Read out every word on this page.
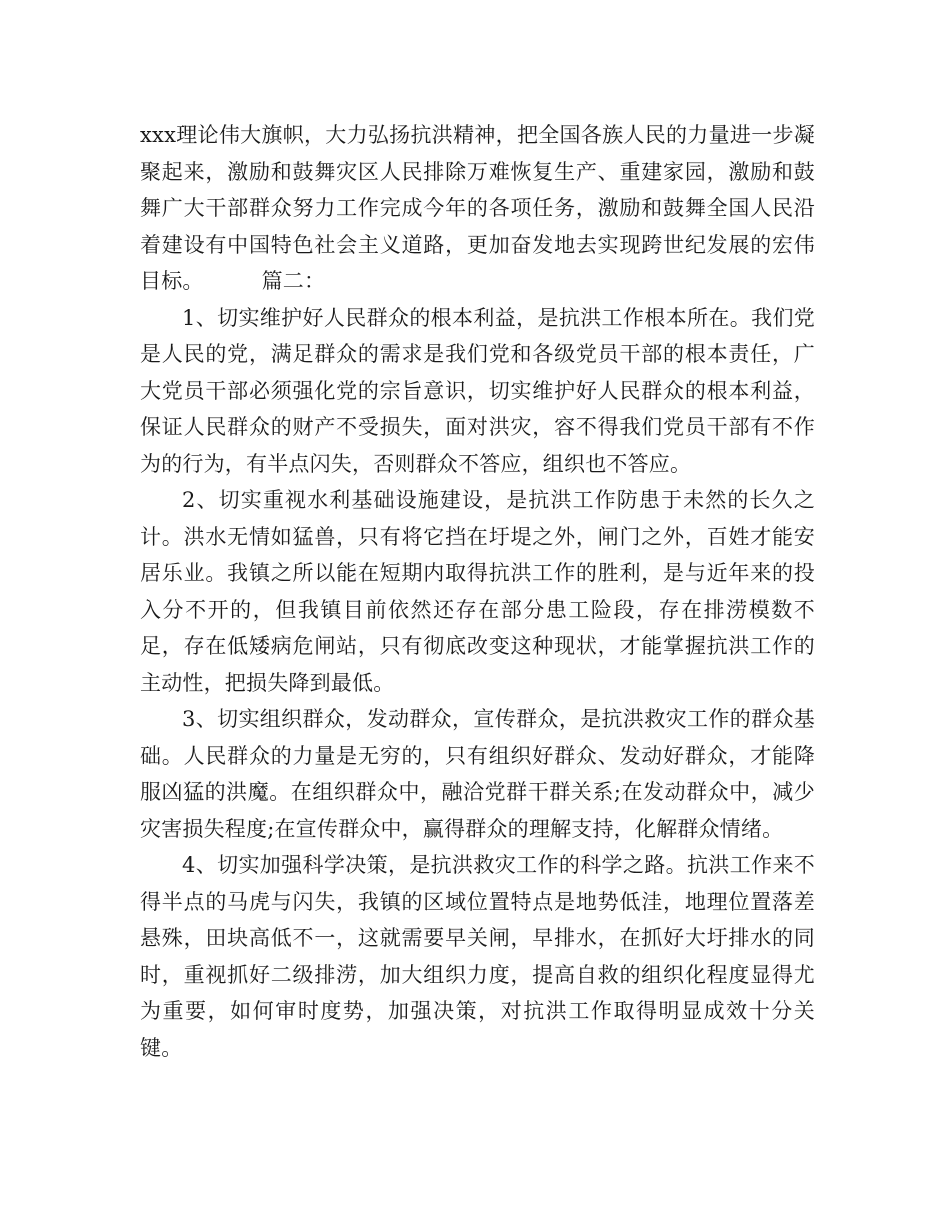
xxx理论伟大旗帜，大力弘扬抗洪精神，把全国各族人民的力量进一步凝聚起来，激励和鼓舞灾区人民排除万难恢复生产、重建家园，激励和鼓舞广大干部群众努力工作完成今年的各项任务，激励和鼓舞全国人民沿着建设有中国特色社会主义道路，更加奋发地去实现跨世纪发展的宏伟目标。	篇二：

1、切实维护好人民群众的根本利益，是抗洪工作根本所在。我们党是人民的党，满足群众的需求是我们党和各级党员干部的根本责任，广大党员干部必须强化党的宗旨意识，切实维护好人民群众的根本利益，保证人民群众的财产不受损失，面对洪灾，容不得我们党员干部有不作为的行为，有半点闪失，否则群众不答应，组织也不答应。

2、切实重视水利基础设施建设，是抗洪工作防患于未然的长久之计。洪水无情如猛兽，只有将它挡在圩堤之外，闸门之外，百姓才能安居乐业。我镇之所以能在短期内取得抗洪工作的胜利，是与近年来的投入分不开的，但我镇目前依然还存在部分患工险段，存在排涝模数不足，存在低矮病危闸站，只有彻底改变这种现状，才能掌握抗洪工作的主动性，把损失降到最低。

3、切实组织群众，发动群众，宣传群众，是抗洪救灾工作的群众基础。人民群众的力量是无穷的，只有组织好群众、发动好群众，才能降服凶猛的洪魔。在组织群众中，融洽党群干群关系;在发动群众中，减少灾害损失程度;在宣传群众中，赢得群众的理解支持，化解群众情绪。

4、切实加强科学决策，是抗洪救灾工作的科学之路。抗洪工作来不得半点的马虎与闪失，我镇的区域位置特点是地势低洼，地理位置落差悬殊，田块高低不一，这就需要早关闸，早排水，在抓好大圩排水的同时，重视抓好二级排涝，加大组织力度，提高自救的组织化程度显得尤为重要，如何审时度势，加强决策，对抗洪工作取得明显成效十分关键。
